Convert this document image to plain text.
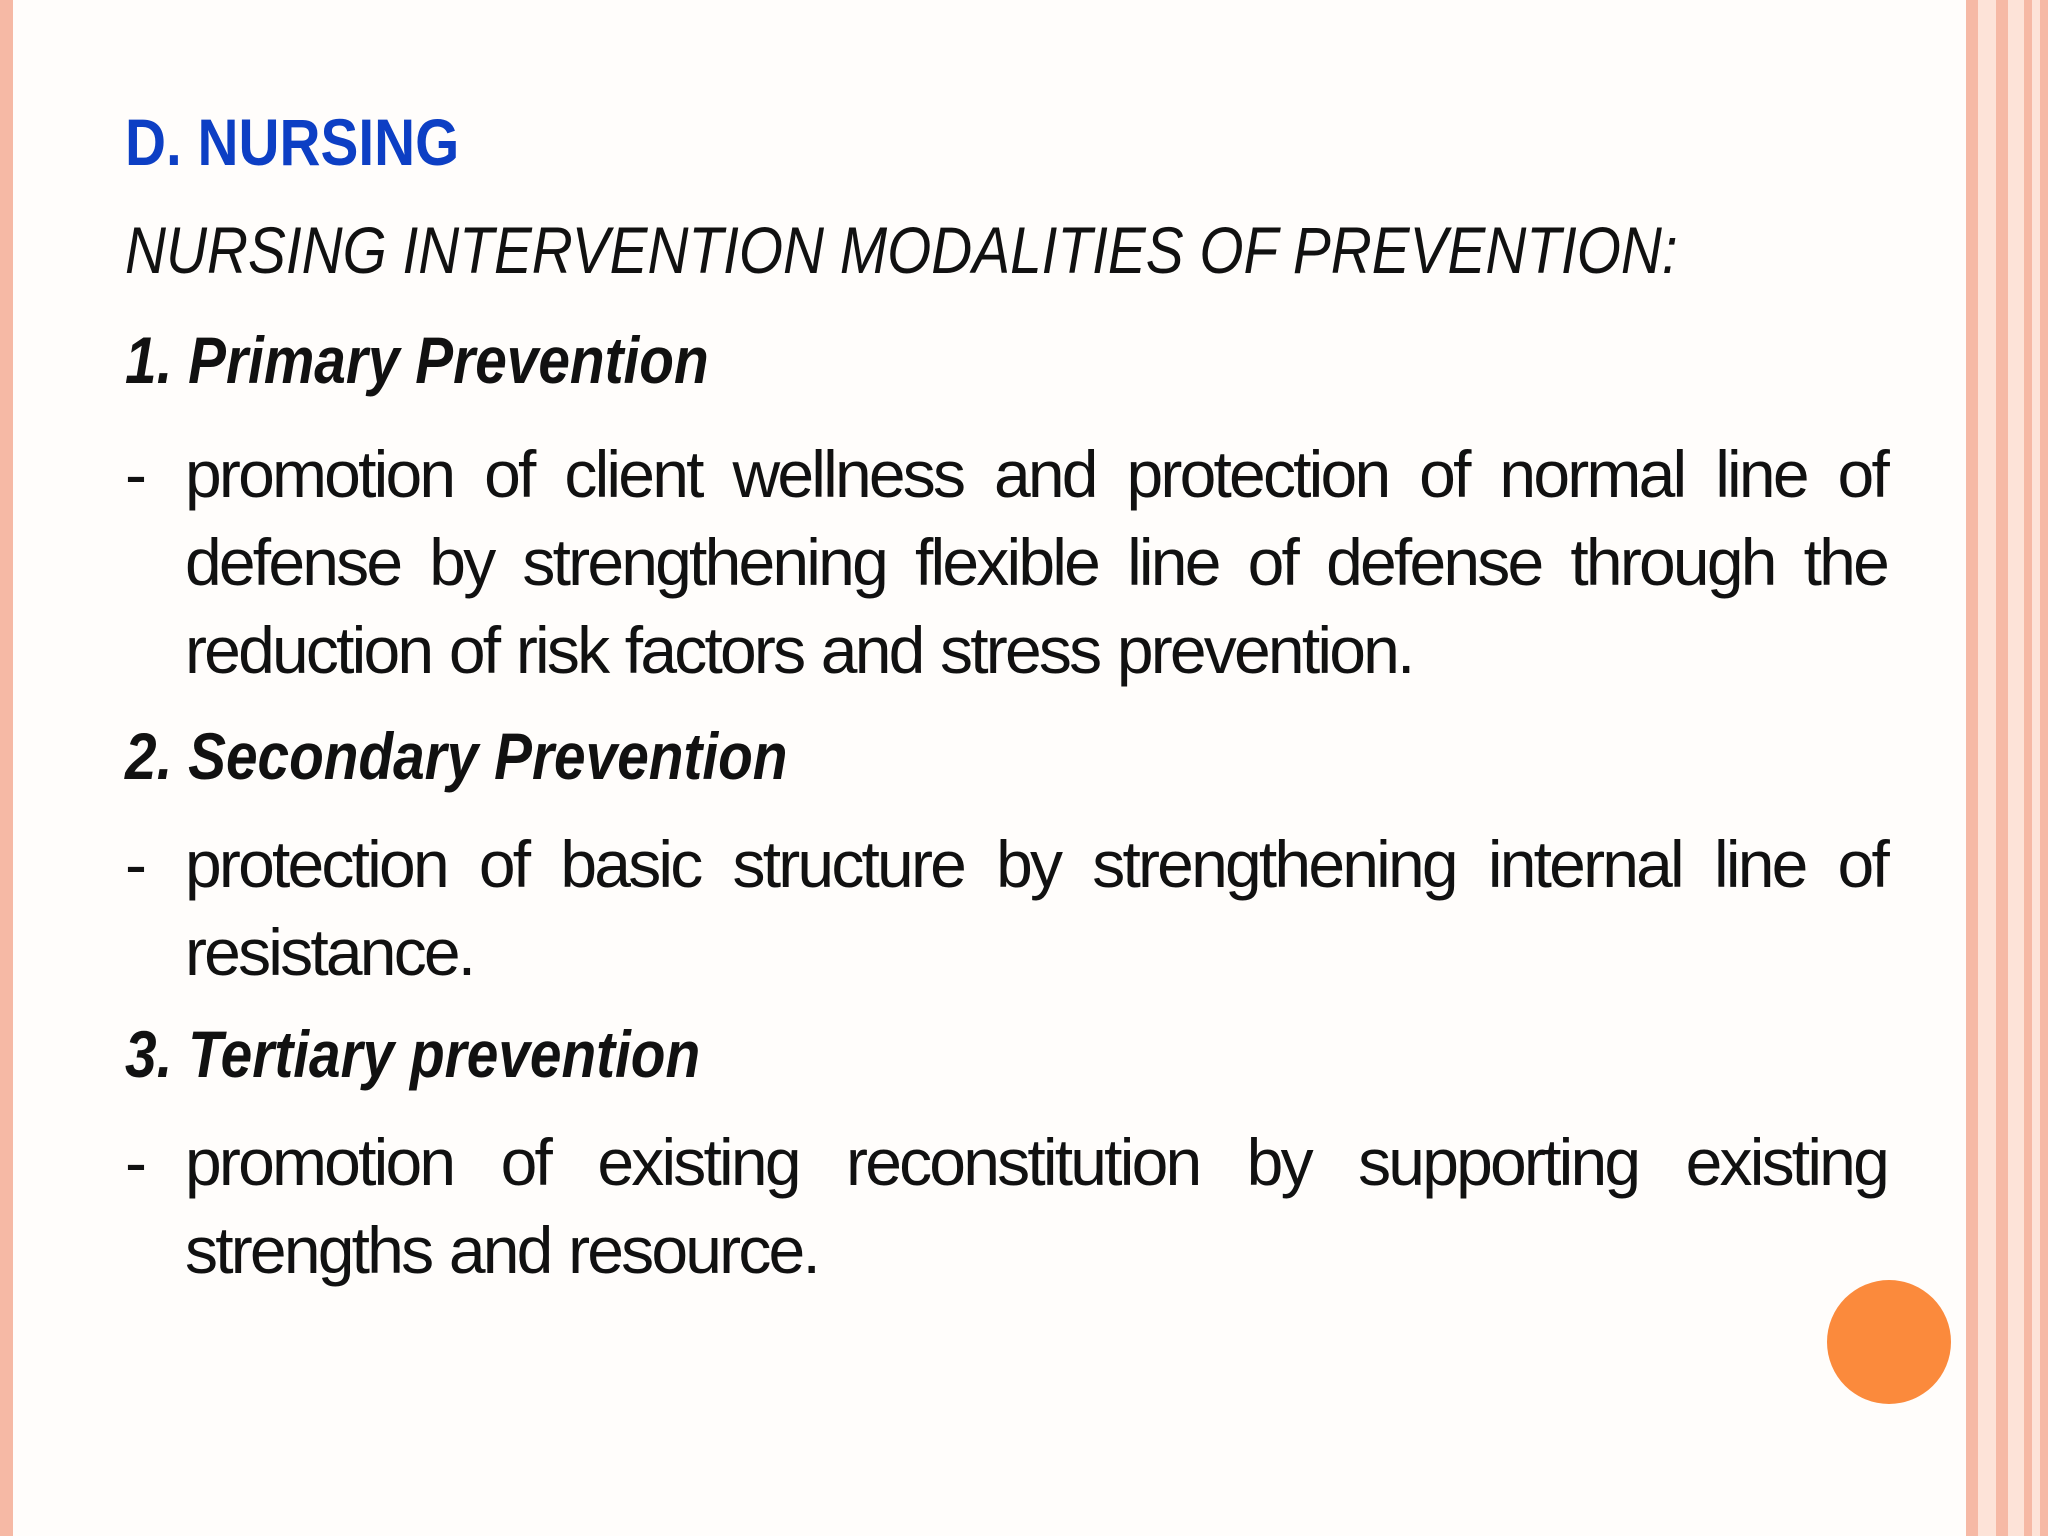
D. NURSING
NURSING INTERVENTION MODALITIES OF PREVENTION:
1. Primary Prevention
- promotion of client wellness and protection of normal line of defense by strengthening flexible line of defense through the reduction of risk factors and stress prevention.
2. Secondary Prevention
- protection of basic structure by strengthening internal line of resistance.
3. Tertiary prevention
- promotion of existing reconstitution by supporting existing strengths and resource.
